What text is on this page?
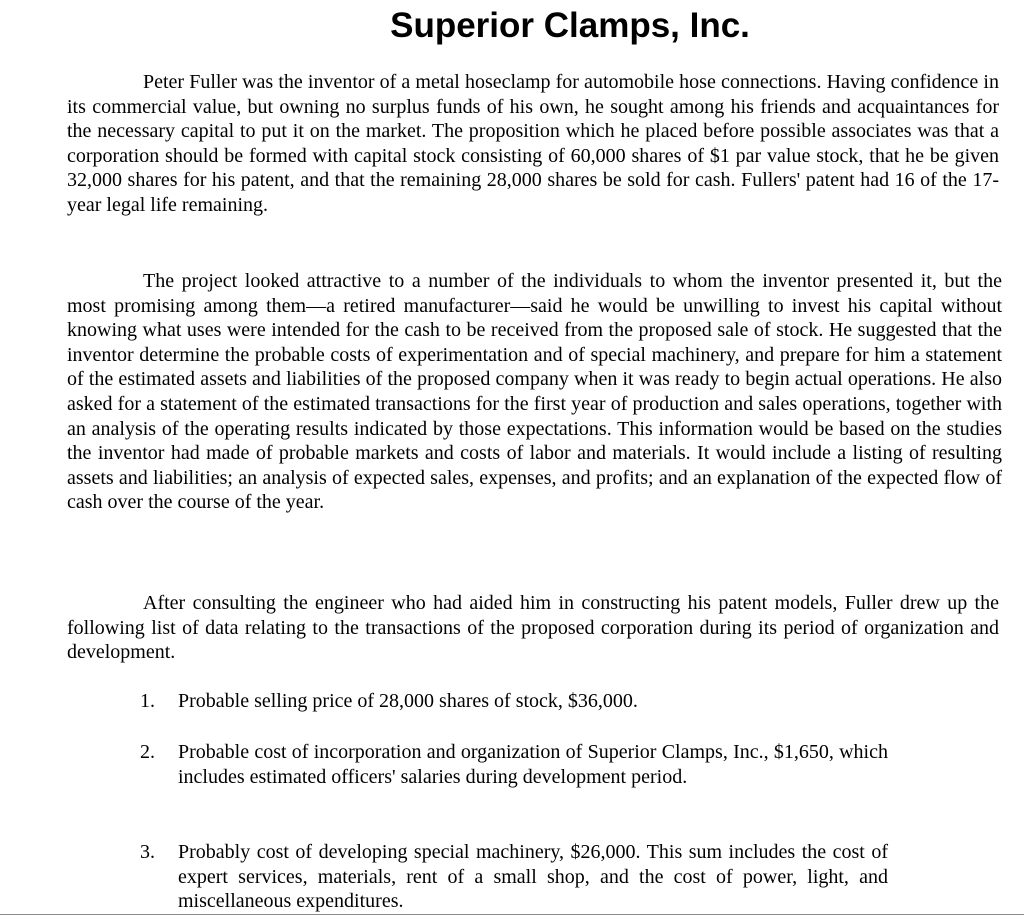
Superior Clamps, Inc.

Peter Fuller was the inventor of a metal hoseclamp for automobile hose connections. Having confidence in its commercial value, but owning no surplus funds of his own, he sought among his friends and acquaintances for the necessary capital to put it on the market. The proposition which he placed before possible associates was that a corporation should be formed with capital stock consisting of 60,000 shares of $1 par value stock, that he be given 32,000 shares for his patent, and that the remaining 28,000 shares be sold for cash. Fullers' patent had 16 of the 17-year legal life remaining.

The project looked attractive to a number of the individuals to whom the inventor presented it, but the most promising among them—a retired manufacturer—said he would be unwilling to invest his capital without knowing what uses were intended for the cash to be received from the proposed sale of stock. He suggested that the inventor determine the probable costs of experimentation and of special machinery, and prepare for him a statement of the estimated assets and liabilities of the proposed company when it was ready to begin actual operations. He also asked for a statement of the estimated transactions for the first year of production and sales operations, together with an analysis of the operating results indicated by those expectations. This information would be based on the studies the inventor had made of probable markets and costs of labor and materials. It would include a listing of resulting assets and liabilities; an analysis of expected sales, expenses, and profits; and an explanation of the expected flow of cash over the course of the year.

After consulting the engineer who had aided him in constructing his patent models, Fuller drew up the following list of data relating to the transactions of the proposed corporation during its period of organization and development.

1.	Probable selling price of 28,000 shares of stock, $36,000.
2.	Probable cost of incorporation and organization of Superior Clamps, Inc., $1,650, which includes estimated officers' salaries during development period.
3.	Probably cost of developing special machinery, $26,000. This sum includes the cost of expert services, materials, rent of a small shop, and the cost of power, light, and miscellaneous expenditures.
